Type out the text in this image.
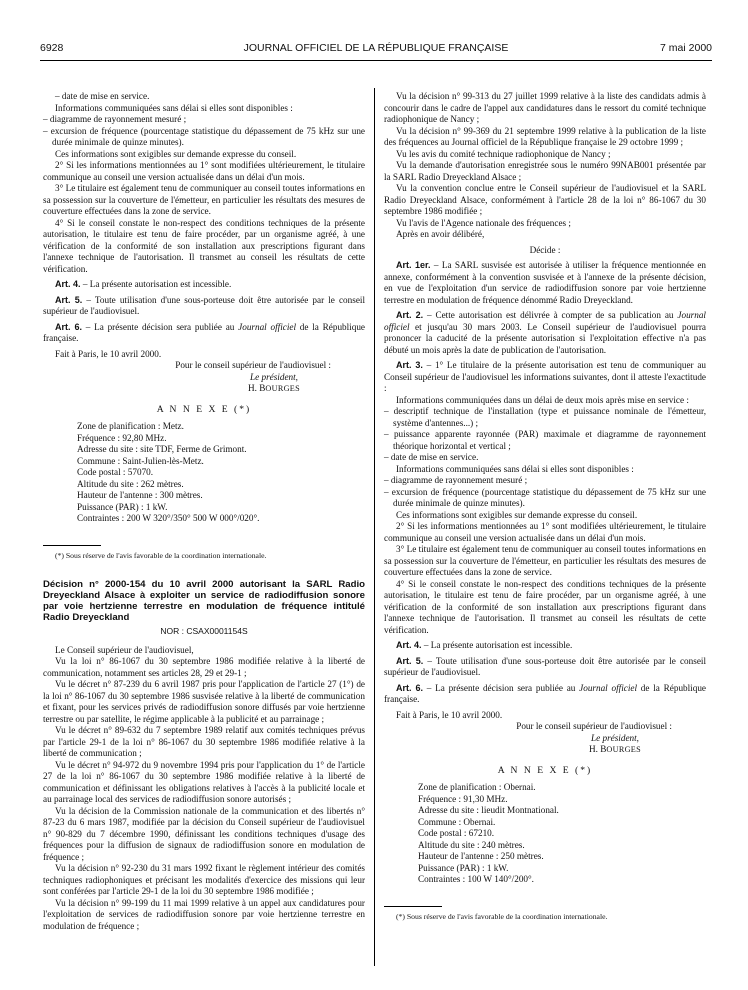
6928	JOURNAL OFFICIEL DE LA RÉPUBLIQUE FRANÇAISE	7 mai 2000

– date de mise en service.

Informations communiquées sans délai si elles sont disponibles :

– diagramme de rayonnement mesuré ;

– excursion de fréquence (pourcentage statistique du dépassement de 75 kHz sur une durée minimale de quinze minutes).

Ces informations sont exigibles sur demande expresse du conseil.

2° Si les informations mentionnées au 1° sont modifiées ultérieurement, le titulaire communique au conseil une version actualisée dans un délai d'un mois.

3° Le titulaire est également tenu de communiquer au conseil toutes informations en sa possession sur la couverture de l'émetteur, en particulier les résultats des mesures de couverture effectuées dans la zone de service.

4° Si le conseil constate le non-respect des conditions techniques de la présente autorisation, le titulaire est tenu de faire procéder, par un organisme agréé, à une vérification de la conformité de son installation aux prescriptions figurant dans l'annexe technique de l'autorisation. Il transmet au conseil les résultats de cette vérification.

Art. 4. – La présente autorisation est incessible.

Art. 5. – Toute utilisation d'une sous-porteuse doit être autorisée par le conseil supérieur de l'audiovisuel.

Art. 6. – La présente décision sera publiée au Journal officiel de la République française.

Fait à Paris, le 10 avril 2000.

Pour le conseil supérieur de l'audiovisuel :

Le président,

H. BOURGES

A N N E X E (*)

Zone de planification : Metz.

Fréquence : 92,80 MHz.

Adresse du site : site TDF, Ferme de Grimont.

Commune : Saint-Julien-lès-Metz.

Code postal : 57070.

Altitude du site : 262 mètres.

Hauteur de l'antenne : 300 mètres.

Puissance (PAR) : 1 kW.

Contraintes : 200 W 320°/350° 500 W 000°/020°.

(*) Sous réserve de l'avis favorable de la coordination internationale.

Décision n° 2000-154 du 10 avril 2000 autorisant la SARL Radio Dreyeckland Alsace à exploiter un service de radiodiffusion sonore par voie hertzienne terrestre en modulation de fréquence intitulé Radio Dreyeckland

NOR : CSAX0001154S

Le Conseil supérieur de l'audiovisuel,

Vu la loi n° 86-1067 du 30 septembre 1986 modifiée relative à la liberté de communication, notamment ses articles 28, 29 et 29-1 ;

Vu le décret n° 87-239 du 6 avril 1987 pris pour l'application de l'article 27 (1°) de la loi n° 86-1067 du 30 septembre 1986 susvisée relative à la liberté de communication et fixant, pour les services privés de radiodiffusion sonore diffusés par voie hertzienne terrestre ou par satellite, le régime applicable à la publicité et au parrainage ;

Vu le décret n° 89-632 du 7 septembre 1989 relatif aux comités techniques prévus par l'article 29-1 de la loi n° 86-1067 du 30 septembre 1986 modifiée relative à la liberté de communication ;

Vu le décret n° 94-972 du 9 novembre 1994 pris pour l'application du 1° de l'article 27 de la loi n° 86-1067 du 30 septembre 1986 modifiée relative à la liberté de communication et définissant les obligations relatives à l'accès à la publicité locale et au parrainage local des services de radiodiffusion sonore autorisés ;

Vu la décision de la Commission nationale de la communication et des libertés n° 87-23 du 6 mars 1987, modifiée par la décision du Conseil supérieur de l'audiovisuel n° 90-829 du 7 décembre 1990, définissant les conditions techniques d'usage des fréquences pour la diffusion de signaux de radiodiffusion sonore en modulation de fréquence ;

Vu la décision n° 92-230 du 31 mars 1992 fixant le règlement intérieur des comités techniques radiophoniques et précisant les modalités d'exercice des missions qui leur sont conférées par l'article 29-1 de la loi du 30 septembre 1986 modifiée ;

Vu la décision n° 99-199 du 11 mai 1999 relative à un appel aux candidatures pour l'exploitation de services de radiodiffusion sonore par voie hertzienne terrestre en modulation de fréquence ;

Vu la décision n° 99-313 du 27 juillet 1999 relative à la liste des candidats admis à concourir dans le cadre de l'appel aux candidatures dans le ressort du comité technique radiophonique de Nancy ;

Vu la décision n° 99-369 du 21 septembre 1999 relative à la publication de la liste des fréquences au Journal officiel de la République française le 29 octobre 1999 ;

Vu les avis du comité technique radiophonique de Nancy ;

Vu la demande d'autorisation enregistrée sous le numéro 99NAB001 présentée par la SARL Radio Dreyeckland Alsace ;

Vu la convention conclue entre le Conseil supérieur de l'audiovisuel et la SARL Radio Dreyeckland Alsace, conformément à l'article 28 de la loi n° 86-1067 du 30 septembre 1986 modifiée ;

Vu l'avis de l'Agence nationale des fréquences ;

Après en avoir délibéré,

Décide :

Art. 1er. – La SARL susvisée est autorisée à utiliser la fréquence mentionnée en annexe, conformément à la convention susvisée et à l'annexe de la présente décision, en vue de l'exploitation d'un service de radiodiffusion sonore par voie hertzienne terrestre en modulation de fréquence dénommé Radio Dreyeckland.

Art. 2. – Cette autorisation est délivrée à compter de sa publication au Journal officiel et jusqu'au 30 mars 2003. Le Conseil supérieur de l'audiovisuel pourra prononcer la caducité de la présente autorisation si l'exploitation effective n'a pas débuté un mois après la date de publication de l'autorisation.

Art. 3. – 1° Le titulaire de la présente autorisation est tenu de communiquer au Conseil supérieur de l'audiovisuel les informations suivantes, dont il atteste l'exactitude :

Informations communiquées dans un délai de deux mois après mise en service :

– descriptif technique de l'installation (type et puissance nominale de l'émetteur, système d'antennes...) ;

– puissance apparente rayonnée (PAR) maximale et diagramme de rayonnement théorique horizontal et vertical ;

– date de mise en service.

Informations communiquées sans délai si elles sont disponibles :

– diagramme de rayonnement mesuré ;

– excursion de fréquence (pourcentage statistique du dépassement de 75 kHz sur une durée minimale de quinze minutes).

Ces informations sont exigibles sur demande expresse du conseil.

2° Si les informations mentionnées au 1° sont modifiées ultérieurement, le titulaire communique au conseil une version actualisée dans un délai d'un mois.

3° Le titulaire est également tenu de communiquer au conseil toutes informations en sa possession sur la couverture de l'émetteur, en particulier les résultats des mesures de couverture effectuées dans la zone de service.

4° Si le conseil constate le non-respect des conditions techniques de la présente autorisation, le titulaire est tenu de faire procéder, par un organisme agréé, à une vérification de la conformité de son installation aux prescriptions figurant dans l'annexe technique de l'autorisation. Il transmet au conseil les résultats de cette vérification.

Art. 4. – La présente autorisation est incessible.

Art. 5. – Toute utilisation d'une sous-porteuse doit être autorisée par le conseil supérieur de l'audiovisuel.

Art. 6. – La présente décision sera publiée au Journal officiel de la République française.

Fait à Paris, le 10 avril 2000.

Pour le conseil supérieur de l'audiovisuel :

Le président,

H. BOURGES

A N N E X E (*)

Zone de planification : Obernai.

Fréquence : 91,30 MHz.

Adresse du site : lieudit Montnational.

Commune : Obernai.

Code postal : 67210.

Altitude du site : 240 mètres.

Hauteur de l'antenne : 250 mètres.

Puissance (PAR) : 1 kW.

Contraintes : 100 W 140°/200°.

(*) Sous réserve de l'avis favorable de la coordination internationale.
